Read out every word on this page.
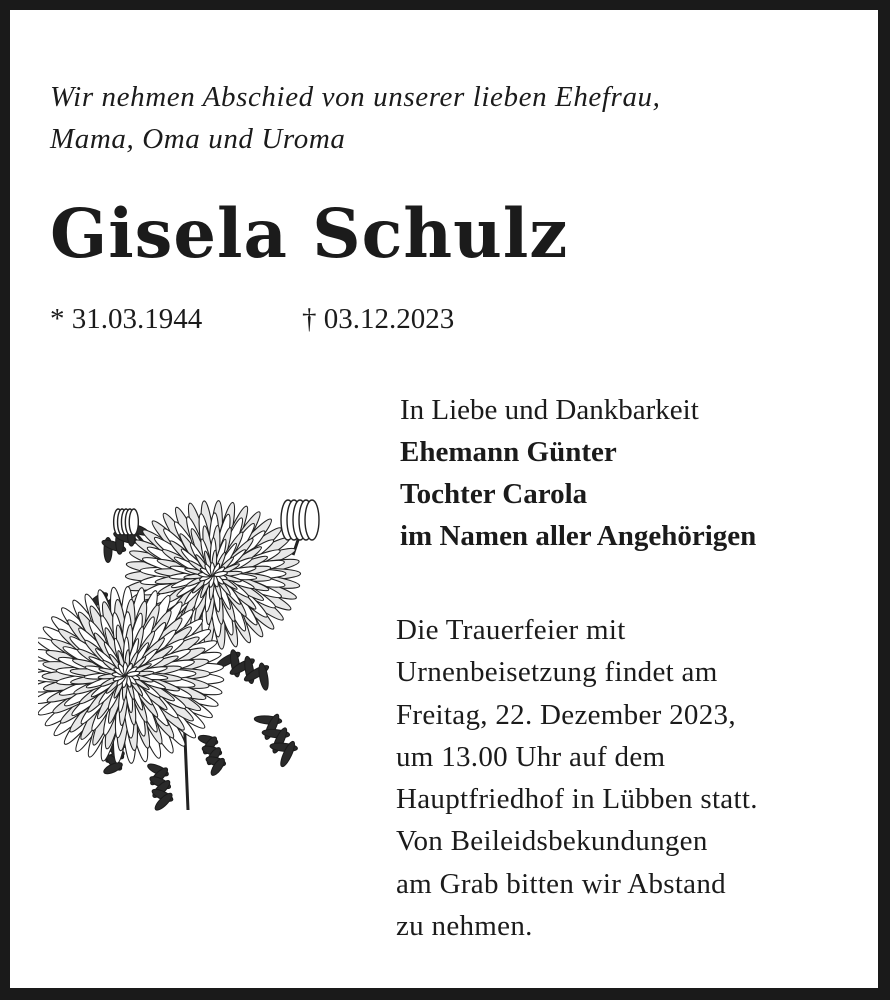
Wir nehmen Abschied von unserer lieben Ehefrau,
Mama, Oma und Uroma
Gisela Schulz
* 31.03.1944	† 03.12.2023
In Liebe und Dankbarkeit
Ehemann Günter
Tochter Carola
im Namen aller Angehörigen
Die Trauerfeier mit
Urnenbeisetzung findet am
Freitag, 22. Dezember 2023,
um 13.00 Uhr auf dem
Hauptfriedhof in Lübben statt.
Von Beileidsbekundungen
am Grab bitten wir Abstand
zu nehmen.
